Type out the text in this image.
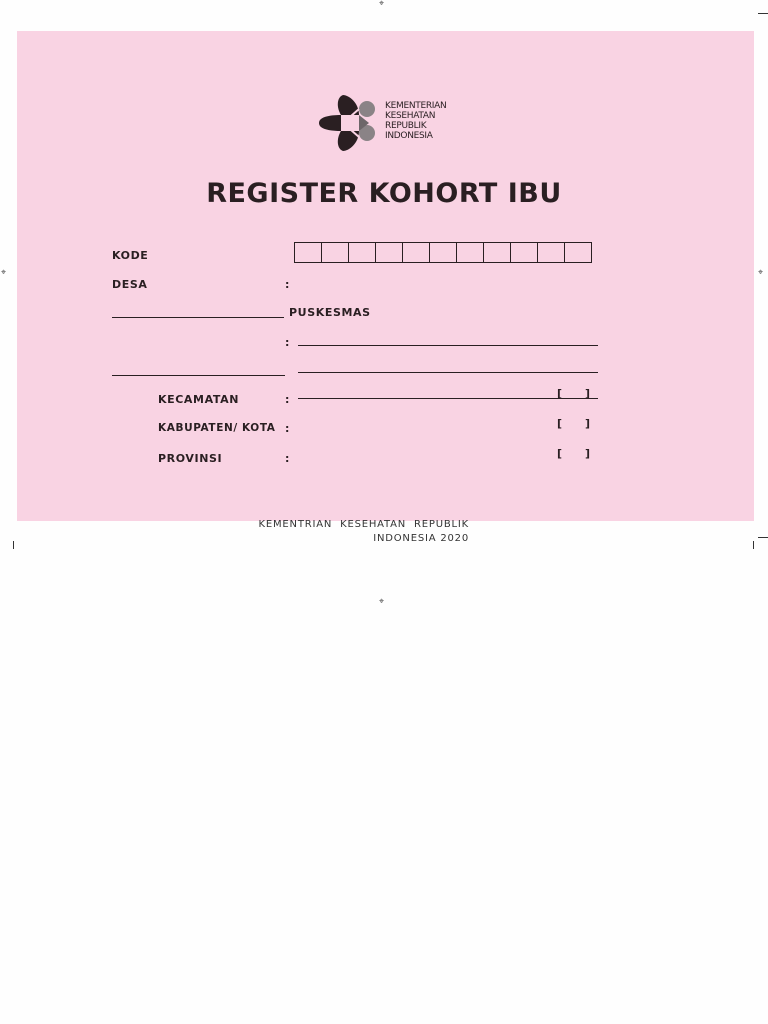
⌖
⌖	⌖
⌖
KEMENTERIAN
KESEHATAN
REPUBLIK
INDONESIA
REGISTER KOHORT IBU
KODE
DESA	:
PUSKESMAS
:
KECAMATAN	:	[      ]
KABUPATEN/ KOTA :	[      ]
PROVINSI	:	[      ]
KEMENTRIAN  KESEHATAN  REPUBLIK
INDONESIA 2020
